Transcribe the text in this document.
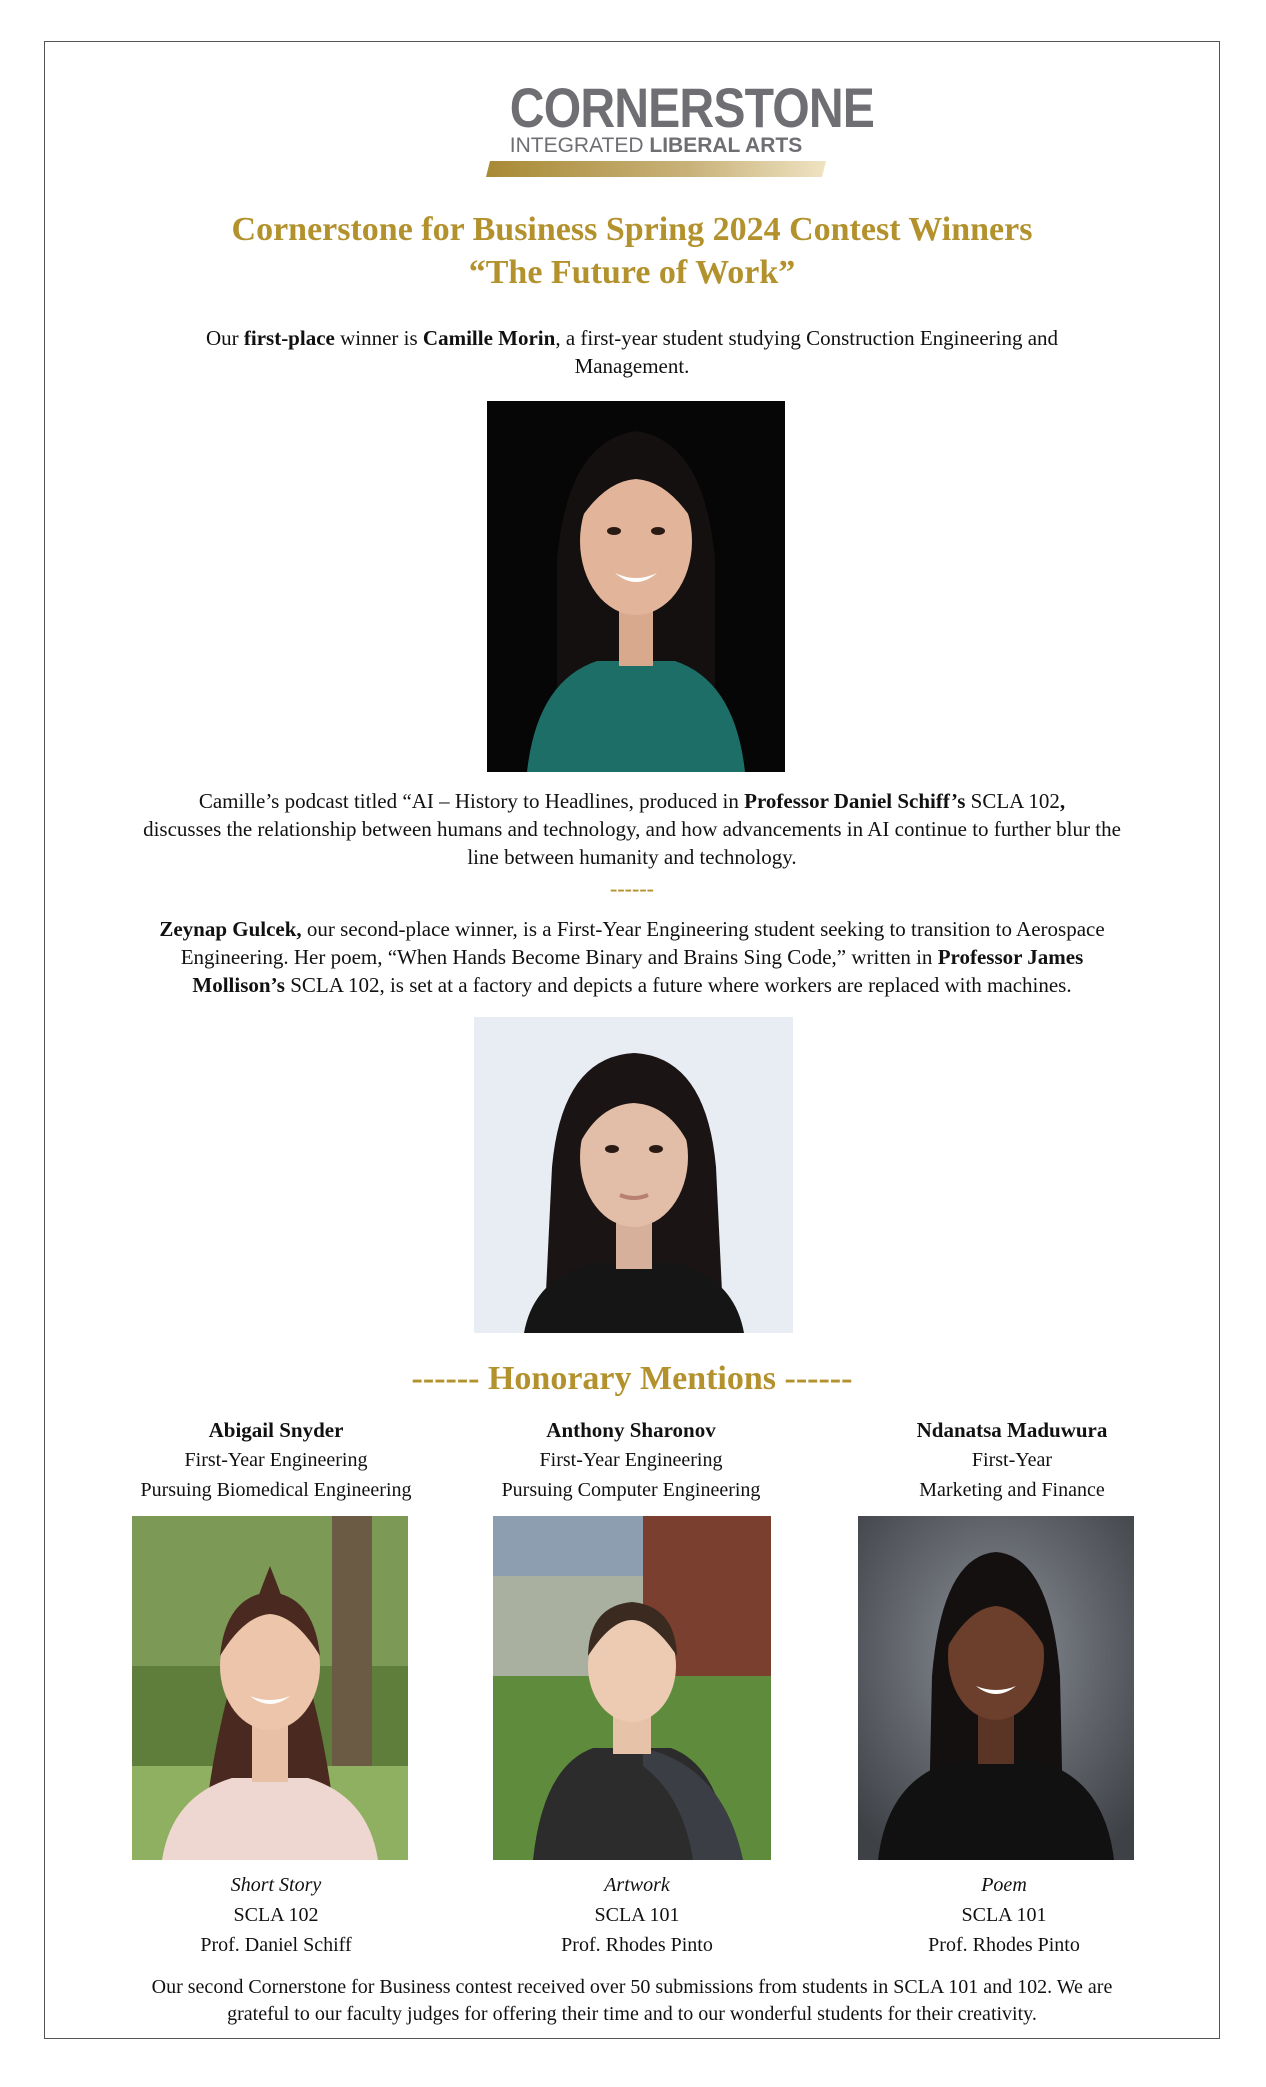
CORNERSTONE
INTEGRATED LIBERAL ARTS
Cornerstone for Business Spring 2024 Contest Winners
“The Future of Work”
Our first-place winner is Camille Morin, a first-year student studying Construction Engineering and
Management.
Camille’s podcast titled “AI – History to Headlines, produced in Professor Daniel Schiff’s SCLA 102,
discusses the relationship between humans and technology, and how advancements in AI continue to further blur the
line between humanity and technology.
------
Zeynap Gulcek, our second-place winner, is a First-Year Engineering student seeking to transition to Aerospace
Engineering. Her poem, “When Hands Become Binary and Brains Sing Code,” written in Professor James
Mollison’s SCLA 102, is set at a factory and depicts a future where workers are replaced with machines.
------ Honorary Mentions ------
Abigail Snyder
First-Year Engineering
Pursuing Biomedical Engineering
Anthony Sharonov
First-Year Engineering
Pursuing Computer Engineering
Ndanatsa Maduwura
First-Year
Marketing and Finance
Short Story
SCLA 102
Prof. Daniel Schiff
Artwork
SCLA 101
Prof. Rhodes Pinto
Poem
SCLA 101
Prof. Rhodes Pinto
Our second Cornerstone for Business contest received over 50 submissions from students in SCLA 101 and 102. We are
grateful to our faculty judges for offering their time and to our wonderful students for their creativity.
